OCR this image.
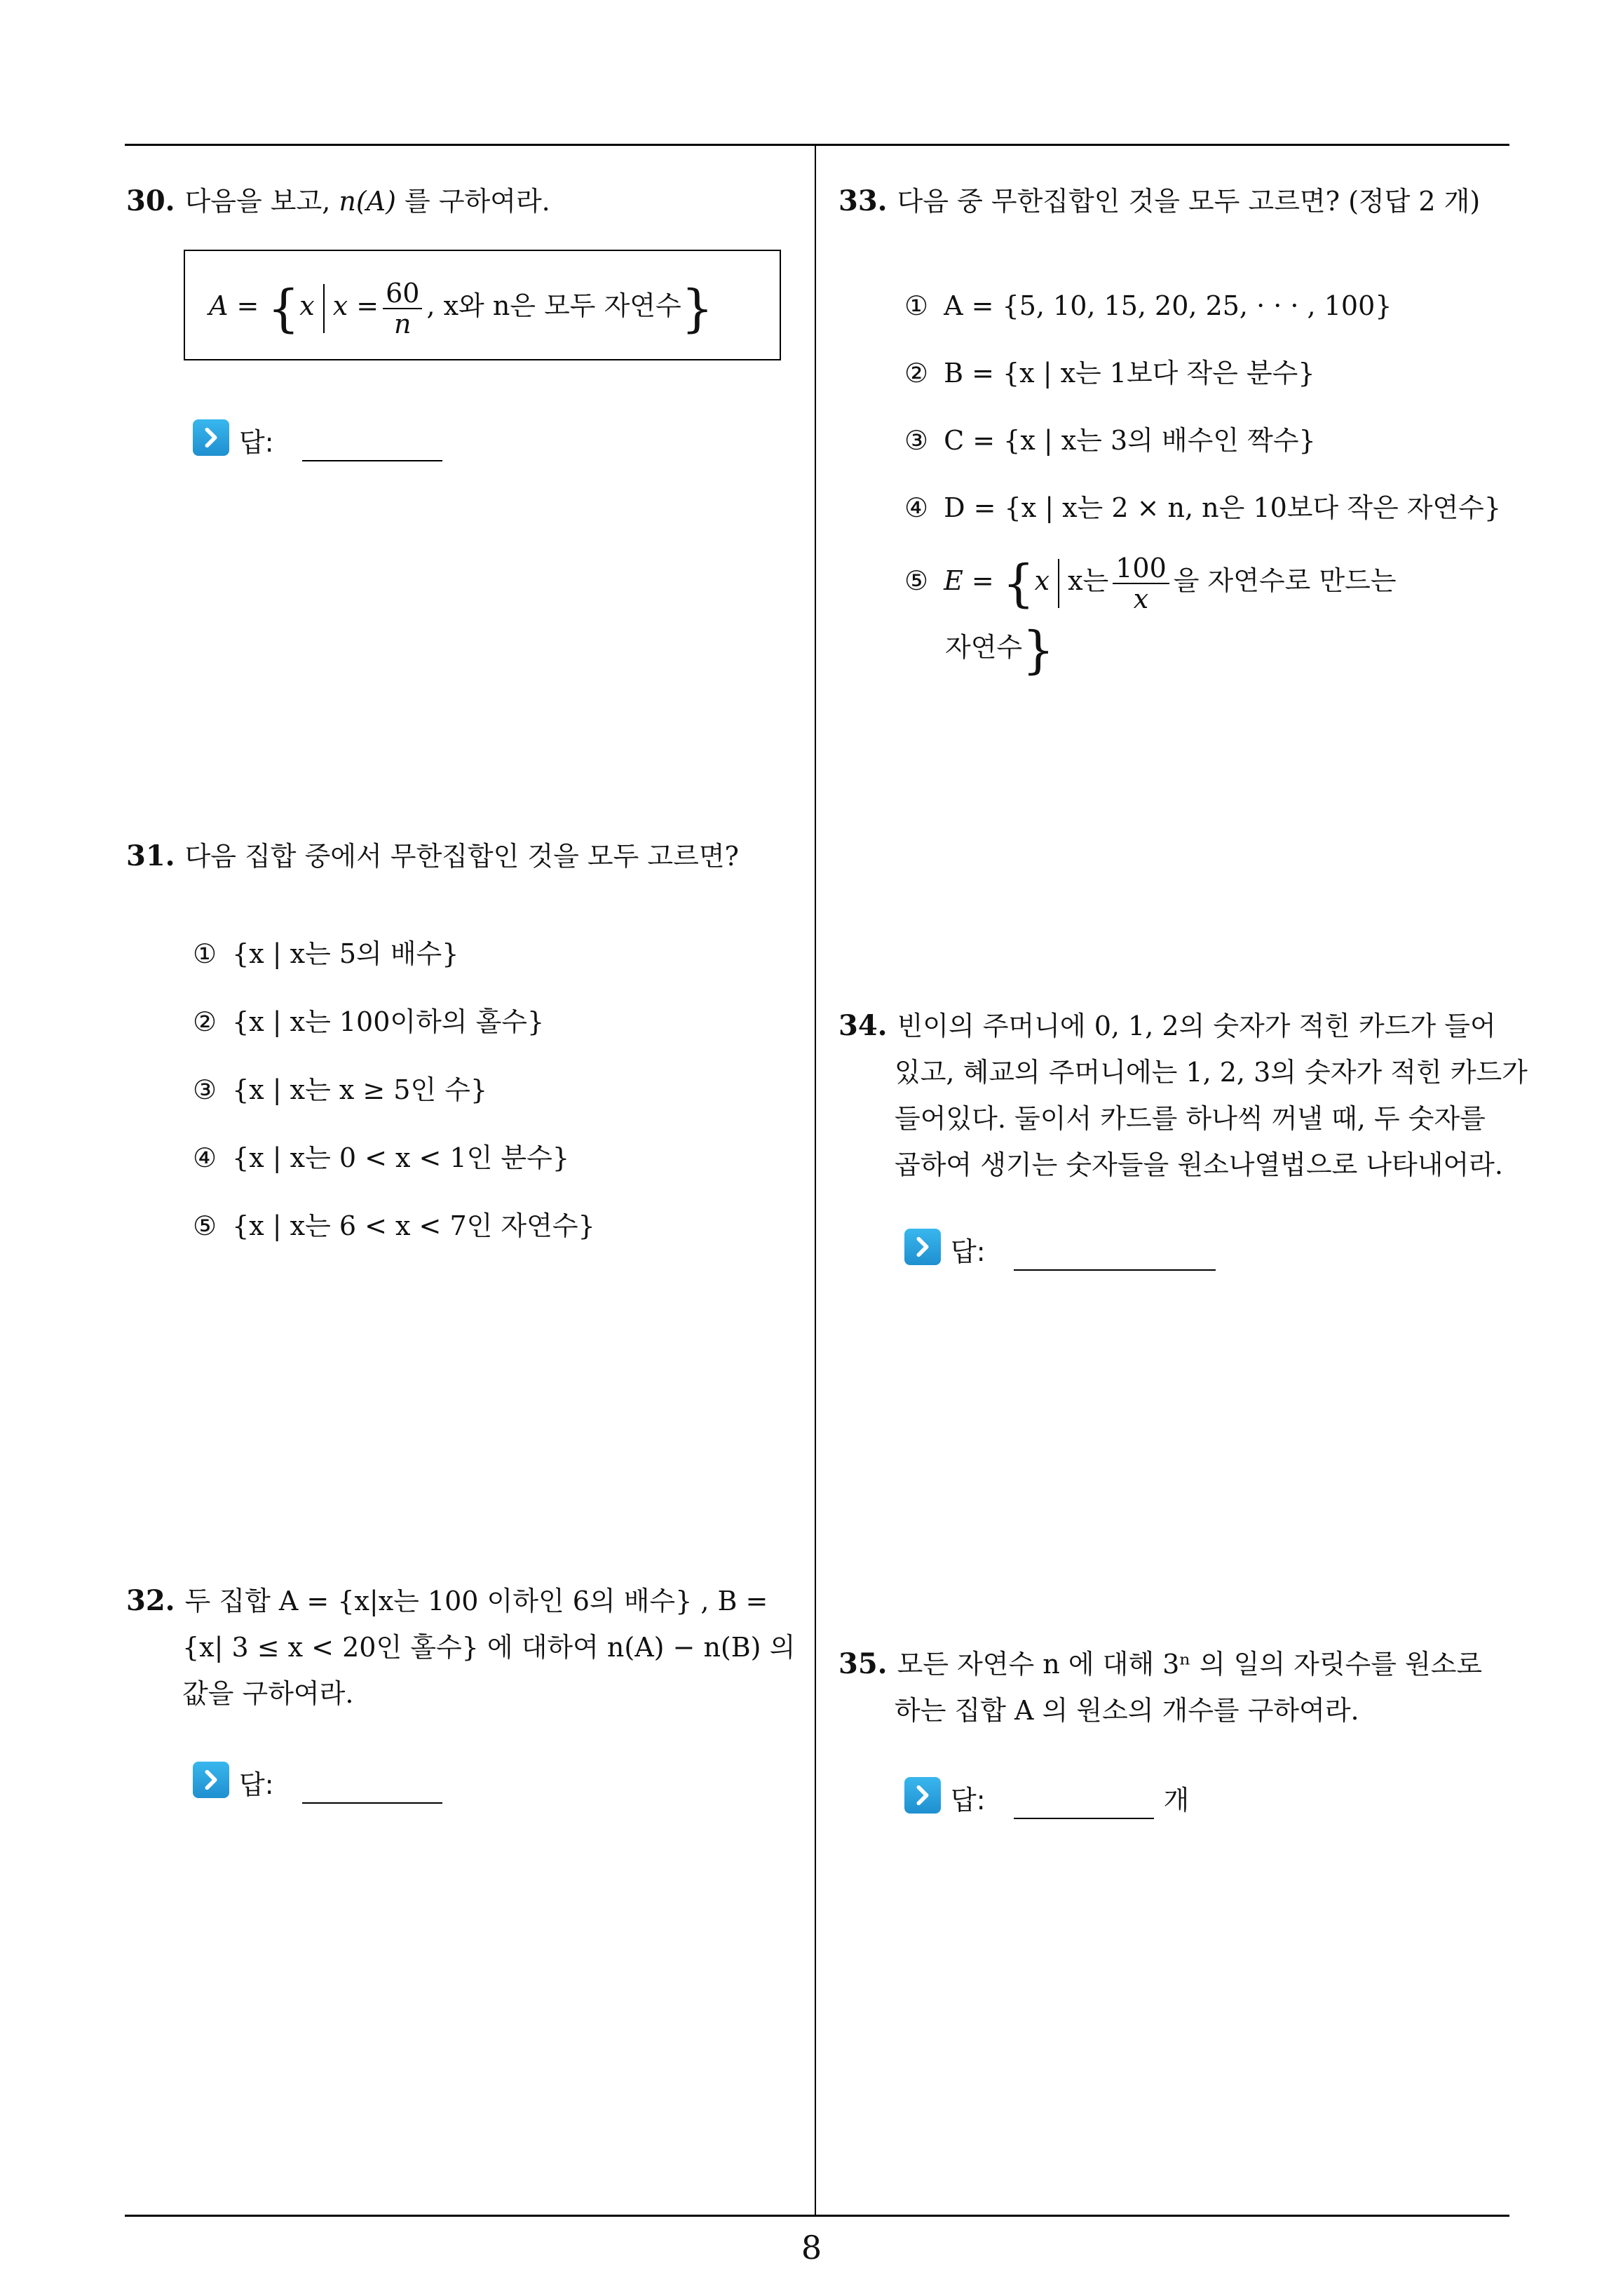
30. 다음을 보고, n(A) 를 구하여라.
A = {x $x = \frac{60}{n}$ , x와 n은 모두 자연수}
답:
31. 다음 집합 중에서 무한집합인 것을 모두 고르면?
① {x | x는 5의 배수}
② {x | x는 100이하의 홀수}
③ {x | x는 x ≥ 5인 수}
④ {x | x는 0 < x < 1인 분수}
⑤ {x | x는 6 < x < 7인 자연수}
32. 두 집합 A = {x|x는 100 이하인 6의 배수} , B =
{x| 3 ≤ x < 20인 홀수} 에 대하여 n(A) − n(B) 의
값을 구하여라.
답:
33. 다음 중 무한집합인 것을 모두 고르면? (정답 2 개)
① A = {5, 10, 15, 20, 25, · · · , 100}
② B = {x | x는 1보다 작은 분수}
③ C = {x | x는 3의 배수인 짝수}
④ D = {x | x는 2 × n, n은 10보다 작은 자연수}
⑤ E = {x x는 $\frac{100}{x}$ 을 자연수로 만드는
자연수}
34. 빈이의 주머니에 0, 1, 2의 숫자가 적힌 카드가 들어
있고, 혜교의 주머니에는 1, 2, 3의 숫자가 적힌 카드가
들어있다. 둘이서 카드를 하나씩 꺼낼 때, 두 숫자를
곱하여 생기는 숫자들을 원소나열법으로 나타내어라.
답:
35. 모든 자연수 n 에 대해 3ⁿ 의 일의 자릿수를 원소로
하는 집합 A 의 원소의 개수를 구하여라.
답:	개
8
